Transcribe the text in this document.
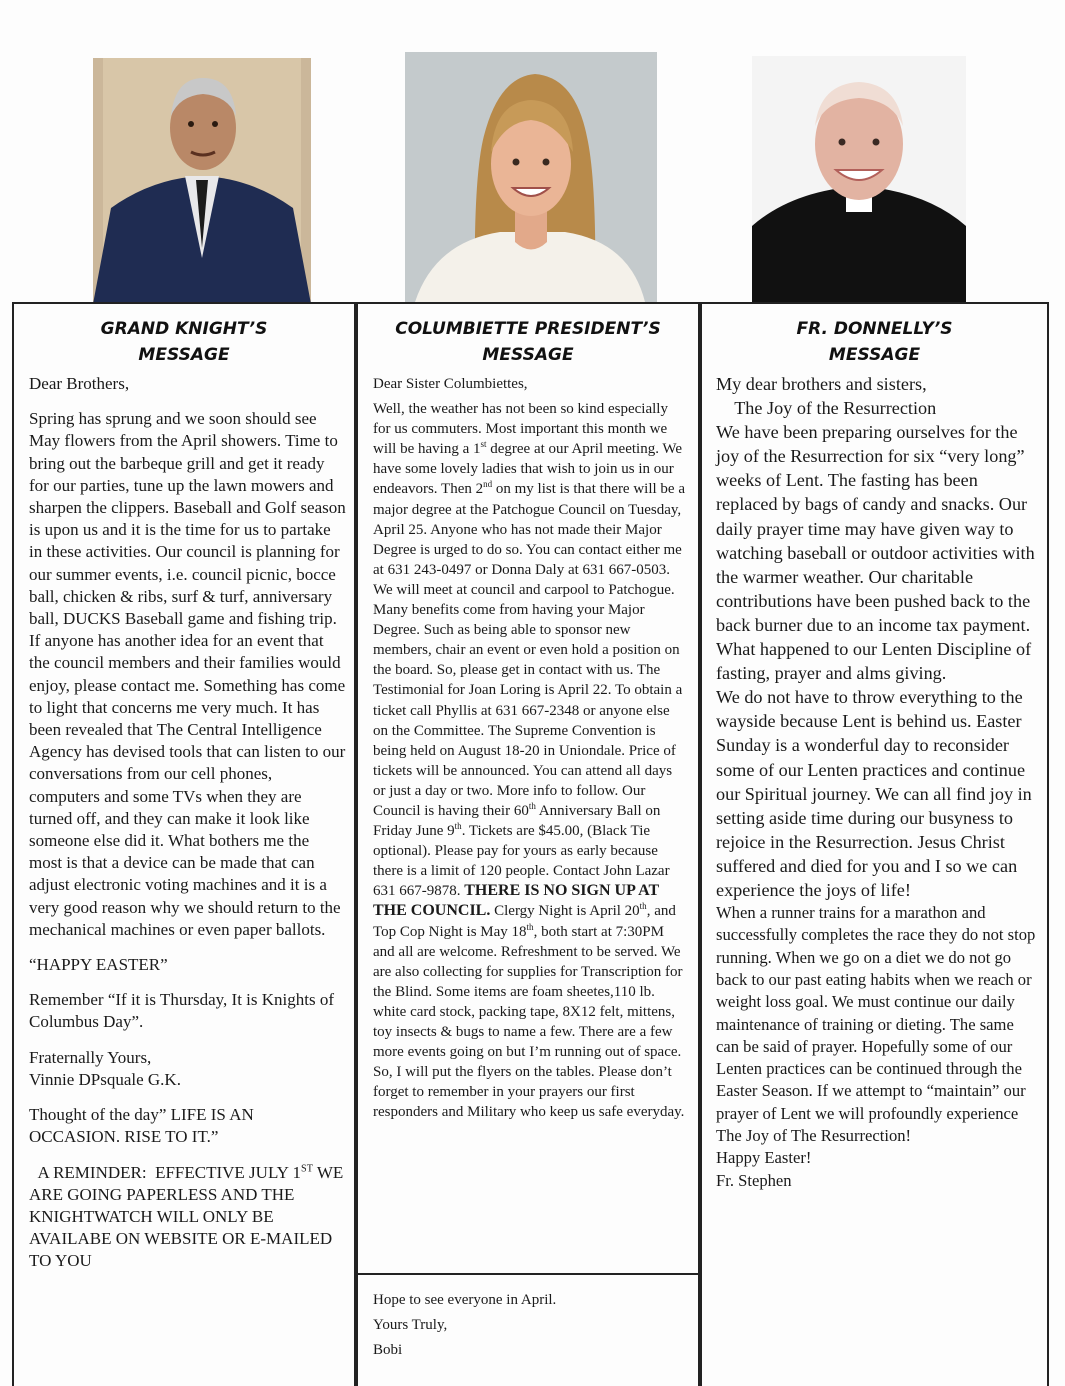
GRAND KNIGHT’S
MESSAGE

Dear Brothers,

Spring has sprung and we soon should see May flowers from the April showers. Time to bring out the barbeque grill and get it ready for our parties, tune up the lawn mowers and sharpen the clippers. Baseball and Golf season is upon us and it is the time for us to partake in these activities. Our council is planning for our summer events, i.e. council picnic, bocce ball, chicken & ribs, surf & turf, anniversary ball, DUCKS Baseball game and fishing trip. If anyone has another idea for an event that the council members and their families would enjoy, please contact me. Something has come to light that concerns me very much. It has been revealed that The Central Intelligence Agency has devised tools that can listen to our conversations from our cell phones, computers and some TVs when they are turned off, and they can make it look like someone else did it. What bothers me the most is that a device can be made that can adjust electronic voting machines and it is a very good reason why we should return to the mechanical machines or even paper ballots.

“HAPPY EASTER”

Remember “If it is Thursday, It is Knights of Columbus Day”.

Fraternally Yours,

Vinnie DPsquale G.K.

Thought of the day” LIFE IS AN OCCASION. RISE TO IT.”

A REMINDER:  EFFECTIVE JULY 1ST WE ARE GOING PAPERLESS AND THE KNIGHTWATCH WILL ONLY BE AVAILABE ON WEBSITE OR E-MAILED  TO YOU

COLUMBIETTE PRESIDENT’S
MESSAGE

Dear Sister Columbiettes,

Well, the weather has not been so kind especially for us commuters. Most important this month we will be having a 1st degree at our April meeting. We have some lovely ladies that wish to join us in our endeavors. Then 2nd on my list is that there will be a major degree at the Patchogue Council on Tuesday, April 25. Anyone who has not made their Major Degree is urged to do so. You can contact either me at 631 243-0497 or Donna Daly at 631 667-0503. We will meet at council and carpool to Patchogue. Many benefits come from having your Major Degree. Such as being able to sponsor new members, chair an event or even hold a position on the board. So, please get in contact with us. The Testimonial for Joan Loring is April 22. To obtain a ticket call Phyllis at 631 667-2348 or anyone else on the Committee. The Supreme Convention is being held on August 18-20 in Uniondale. Price of tickets will be announced. You can attend all days or just a day or two. More info to follow. Our Council is having their 60th Anniversary Ball on Friday June 9th. Tickets are $45.00, (Black Tie optional). Please pay for yours as early because there is a limit of 120 people. Contact John Lazar 631 667-9878. THERE IS NO SIGN UP AT THE COUNCIL. Clergy Night is April 20th, and Top Cop Night is May 18th, both start at 7:30PM and all are welcome. Refreshment to be served. We are also collecting for supplies for Transcription for the Blind. Some items are foam sheetes,110 lb. white card stock, packing tape, 8X12 felt, mittens, toy insects & bugs to name a few. There are a few more events going on but I’m running out of space. So, I will put the flyers on the tables. Please don’t forget to remember in your prayers our first responders and Military who keep us safe everyday.

Hope to see everyone in April.

Yours Truly,

Bobi

FR. DONNELLY’S
MESSAGE

My dear brothers and sisters,

The Joy of the Resurrection

We have been preparing ourselves for the joy of the Resurrection for six “very long” weeks of Lent. The fasting has been replaced by bags of candy and snacks. Our daily prayer time may have given way to watching baseball or outdoor activities with the warmer weather. Our charitable contributions have been pushed back to the back burner due to an income tax payment. What happened to our Lenten Discipline of fasting, prayer and alms giving.

We do not have to throw everything to the wayside because Lent is behind us. Easter Sunday is a wonderful day to reconsider some of our Lenten practices and continue our Spiritual journey. We can all find joy in setting aside time during our busyness to rejoice in the Resurrection. Jesus Christ suffered and died for you and I so we can experience the joys of life!

When a runner trains for a marathon and successfully completes the race they do not stop running. When we go on a diet we do not go back to our past eating habits when we reach or weight loss goal. We must continue our daily maintenance of training or dieting. The same can be said of prayer. Hopefully some of our Lenten practices can be continued through the Easter Season. If we attempt to “maintain” our prayer of Lent we will profoundly experience The Joy of The Resurrection!

Happy Easter!

Fr. Stephen
